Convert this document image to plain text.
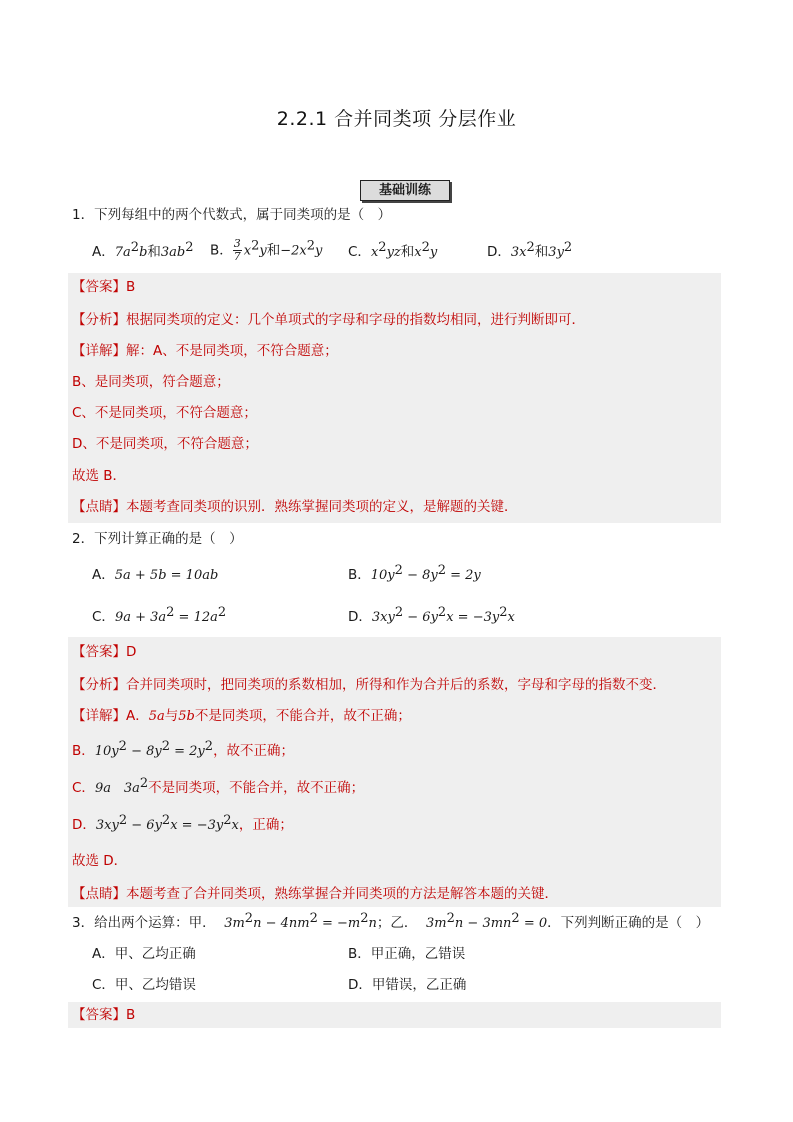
2.2.1 合并同类项 分层作业
基础训练
1．下列每组中的两个代数式，属于同类项的是（　）
A．$7a^2b$和$3ab^2$ B． $\frac{3}{7} x^2y$和$-2x^2y$ C．$x^2yz$和$x^2y$	D．$3x^2$和$3y^2$
【答案】B
【分析】根据同类项的定义：几个单项式的字母和字母的指数均相同，进行判断即可．
【详解】解：A、不是同类项，不符合题意；
B、是同类项，符合题意；
C、不是同类项，不符合题意；
D、不是同类项，不符合题意；
故选 B．
【点睛】本题考查同类项的识别．熟练掌握同类项的定义，是解题的关键．
2．下列计算正确的是（　）
A．5a + 5b = 10ab	B．$10y^2 - 8y^2 = 2y$
C．$9a + 3a^2 = 12a^2$	D．$3xy^2 - 6y^2x = -3y^2x$
【答案】D
【分析】合并同类项时，把同类项的系数相加，所得和作为合并后的系数，字母和字母的指数不变．
【详解】A．5a与5b不是同类项，不能合并，故不正确；
B．$10y^2 - 8y^2 = 2y^2$，故不正确；
C．9a $3a^2$不是同类项，不能合并，故不正确；
D．$3xy^2 - 6y^2x = -3y^2x$，正确；
故选 D．
【点睛】本题考查了合并同类项，熟练掌握合并同类项的方法是解答本题的关键．
3．给出两个运算：甲． $3m^2n - 4nm^2 = -m^2n$；乙． $3m^2n - 3mn^2 = 0$．下列判断正确的是（　）
A．甲、乙均正确	B．甲正确，乙错误
C．甲、乙均错误	D．甲错误，乙正确
【答案】B
